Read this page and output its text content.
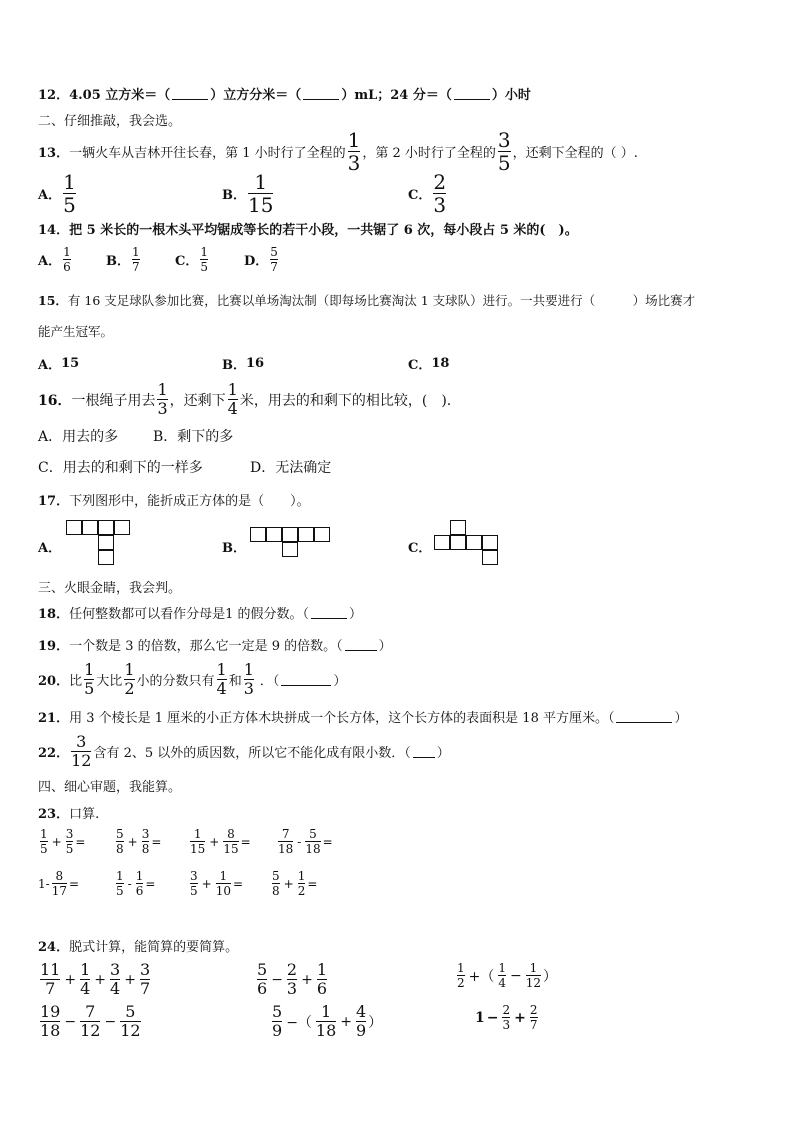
12． 4.05 立方米＝（	）立方分米＝（	）mL；24 分＝（	）小时
二、仔细推敲，我会选。
13． 一辆火车从吉林开往长春，第 1 小时行了全程的
1
3 ，第 2 小时行了全程的
3
5 ，还剩下全程的（ ）.
A．
1
5	B．
1
15	C．
2
3
14． 把 5 米长的一根木头平均锯成等长的若干小段，一共锯了 6 次，每小段占 5 米的(　)。
A．
1
6	B．
1
7	C．
1
5	D．
5
7
15． 有 16 支足球队参加比赛，比赛以单场淘汰制（即每场比赛淘汰 1 支球队）进行。一共要进行（　　　）场比赛才
能产生冠军。
A． 15	B． 16	C． 18
16． 一根绳子用去
1
3 ，还剩下
1
4 米，用去的和剩下的相比较，(　).
A．用去的多 B．剩下的多
C．用去的和剩下的一样多	D．无法确定
17． 下列图形中，能折成正方体的是（　　）。
A．	B．	C．
三、火眼金睛，我会判。
18． 任何整数都可以看作分母是1 的假分数。（	）
19． 一个数是 3 的倍数，那么它一定是 9 的倍数。（	）
20． 比
1
5 大比
1
2 小的分数只有
1
4 和
1
3 ．（	）
21． 用 3 个棱长是 1 厘米的小正方体木块拼成一个长方体，这个长方体的表面积是 18 平方厘米。（	）
22．
3
12 含有 2、5 以外的质因数，所以它不能化成有限小数．（ ）
四、细心审题，我能算。
23． 口算.
1
5
+
3
5
=
5
8
+
3
8
=
1
15
+
8
15
=
7
18
-
5
18
=
1-
8
17
=
1
5
-
1
6
=
3
5
+
1
10
=
5
8
+
1
2
=
24． 脱式计算，能简算的要简算。
11
7 +
1
4 +
3
4 +
3
7
5
6 −
2
3 +
1
6
1
2 +（
1
4 − 1
12 ）
19
18 −
7
12 −
5
12
5
9 −（
1
18 +
4
9 ）	1 − 2
3 + 2
7
